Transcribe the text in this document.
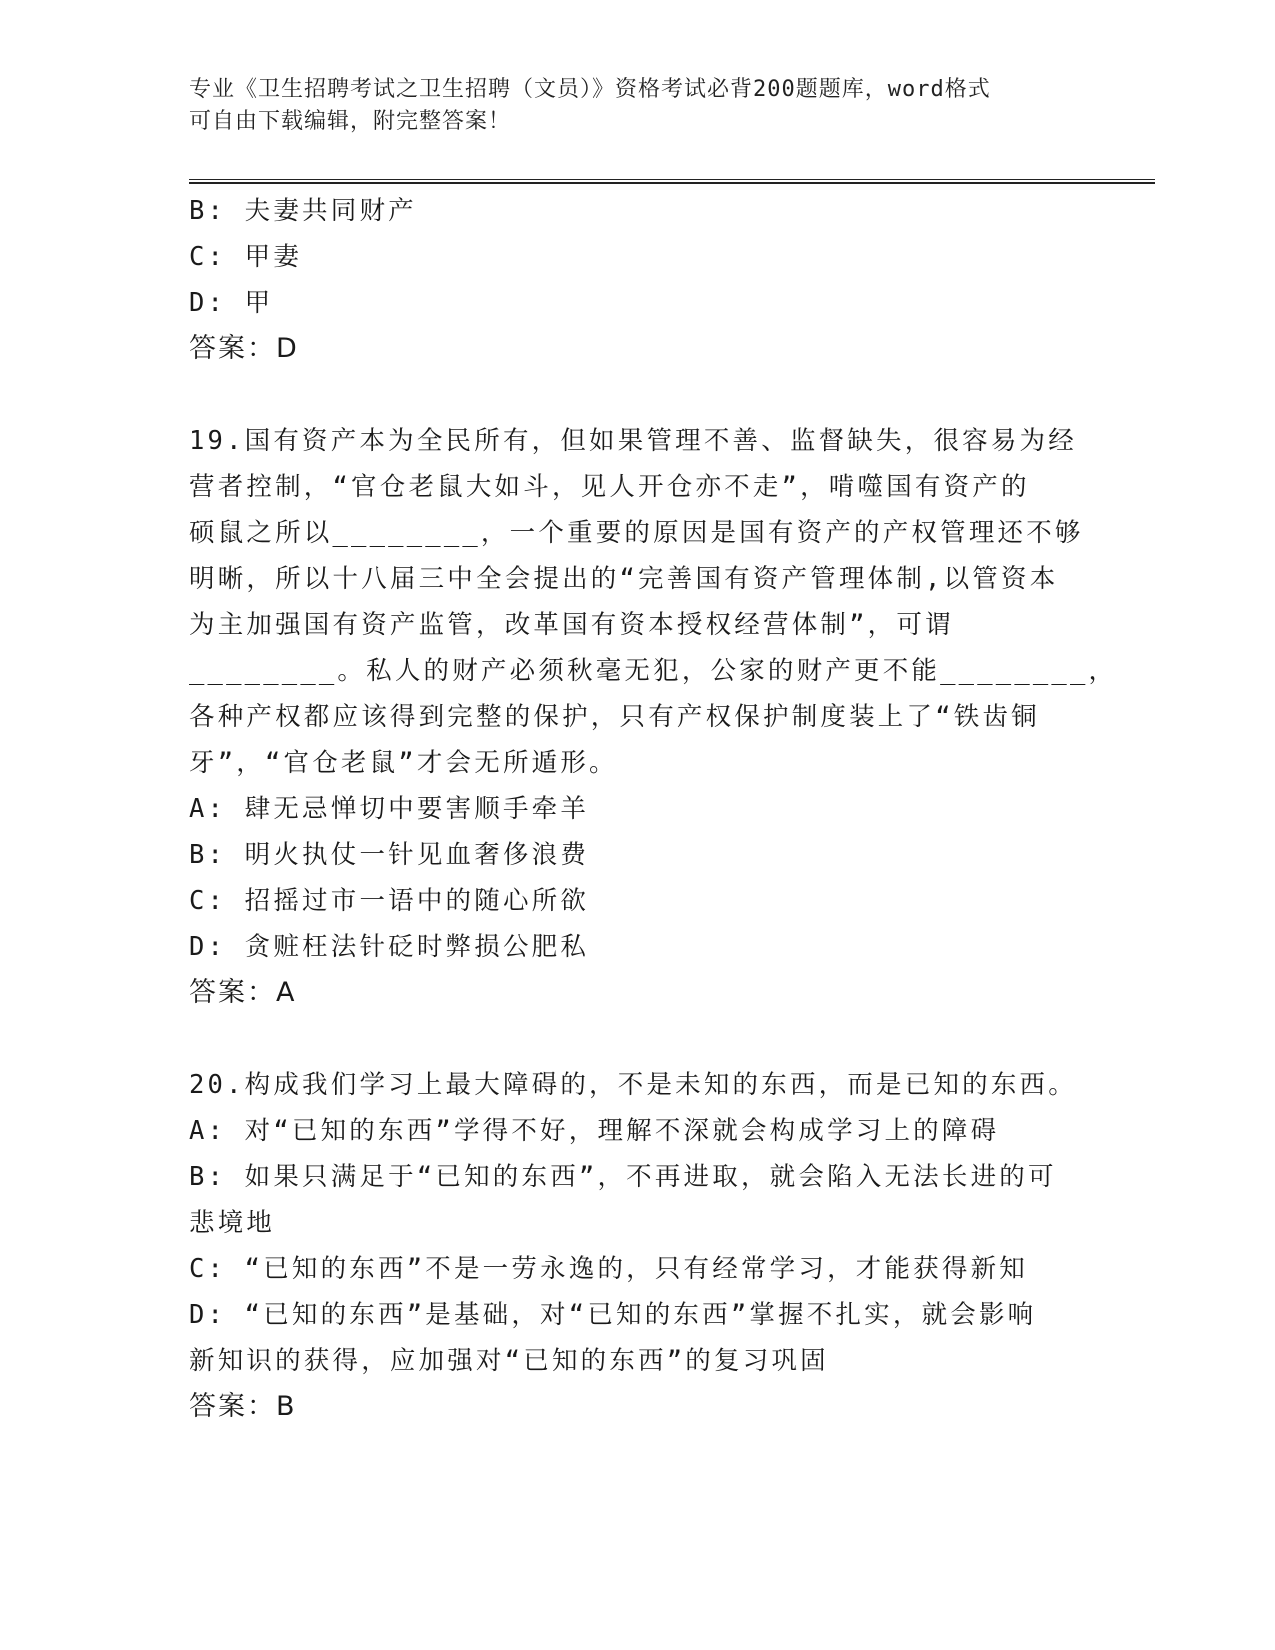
专业《卫生招聘考试之卫生招聘（文员）》资格考试必背200题题库，word格式
可自由下载编辑，附完整答案！
B: 夫妻共同财产
C: 甲妻
D: 甲
答案：D
19.国有资产本为全民所有，但如果管理不善、监督缺失，很容易为经
营者控制，“官仓老鼠大如斗，见人开仓亦不走”，啃噬国有资产的
硕鼠之所以________，一个重要的原因是国有资产的产权管理还不够
明晰，所以十八届三中全会提出的“完善国有资产管理体制,以管资本
为主加强国有资产监管，改革国有资本授权经营体制”，可谓
________。私人的财产必须秋毫无犯，公家的财产更不能________，
各种产权都应该得到完整的保护，只有产权保护制度装上了“铁齿铜
牙”，“官仓老鼠”才会无所遁形。
A: 肆无忌惮切中要害顺手牵羊
B: 明火执仗一针见血奢侈浪费
C: 招摇过市一语中的随心所欲
D: 贪赃枉法针砭时弊损公肥私
答案：A
20.构成我们学习上最大障碍的，不是未知的东西，而是已知的东西。
A: 对“已知的东西”学得不好，理解不深就会构成学习上的障碍
B: 如果只满足于“已知的东西”，不再进取，就会陷入无法长进的可
悲境地
C: “已知的东西”不是一劳永逸的，只有经常学习，才能获得新知
D: “已知的东西”是基础，对“已知的东西”掌握不扎实，就会影响
新知识的获得，应加强对“已知的东西”的复习巩固
答案：B
